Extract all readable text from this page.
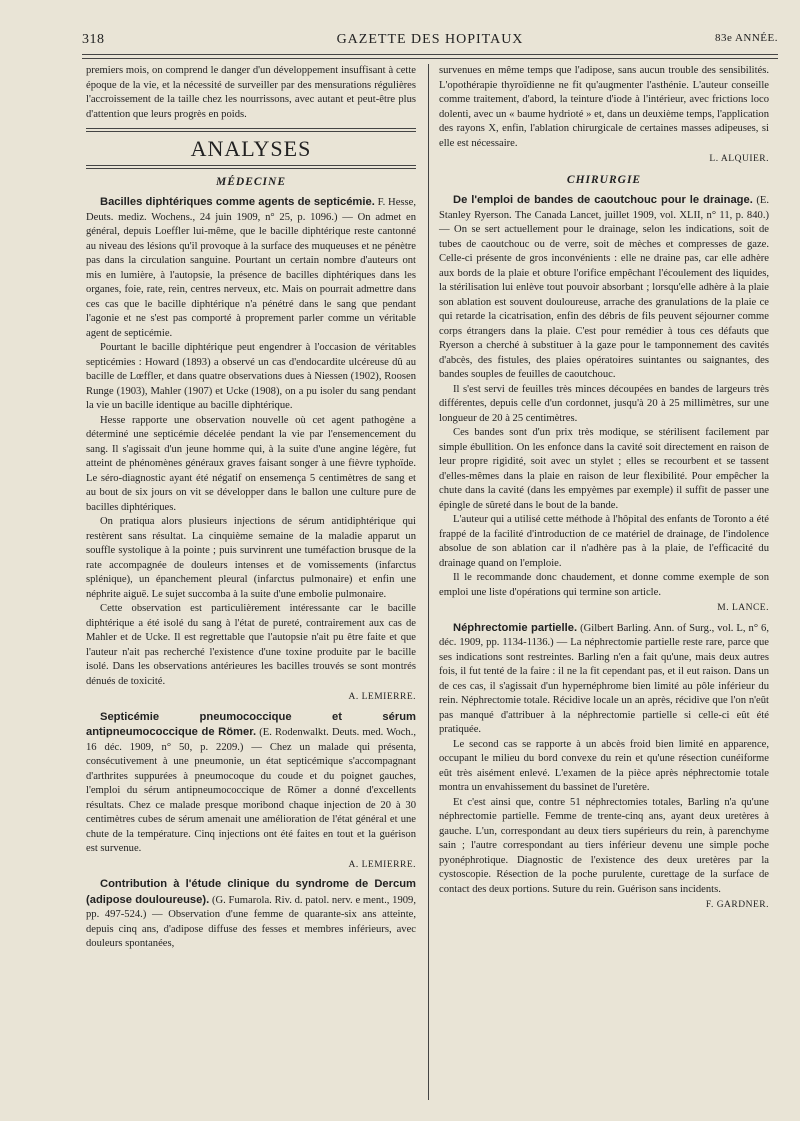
318	GAZETTE DES HOPITAUX	83e ANNÉE.

premiers mois, on comprend le danger d'un développement insuffisant à cette époque de la vie, et la nécessité de surveiller par des mensurations régulières l'accroissement de la taille chez les nourrissons, avec autant et peut-être plus d'attention que leurs progrès en poids.

ANALYSES
MÉDECINE

Bacilles diphtériques comme agents de septicémie. F. Hesse, Deuts. mediz. Wochens., 24 juin 1909, n° 25, p. 1096.) — On admet en général, depuis Loeffler lui-même, que le bacille diphtérique reste cantonné au niveau des lésions qu'il provoque à la surface des muqueuses et ne pénètre pas dans la circulation sanguine. Pourtant un certain nombre d'auteurs ont mis en lumière, à l'autopsie, la présence de bacilles diphtériques dans les organes, foie, rate, rein, centres nerveux, etc. Mais on pourrait admettre dans ces cas que le bacille diphtérique n'a pénétré dans le sang que pendant l'agonie et ne s'est pas comporté à proprement parler comme un véritable agent de septicémie.

Pourtant le bacille diphtérique peut engendrer à l'occasion de véritables septicémies : Howard (1893) a observé un cas d'endocardite ulcéreuse dû au bacille de Lœffler, et dans quatre observations dues à Niessen (1902), Roosen Runge (1903), Mahler (1907) et Ucke (1908), on a pu isoler du sang pendant la vie un bacille identique au bacille diphtérique.

Hesse rapporte une observation nouvelle où cet agent pathogène a déterminé une septicémie décelée pendant la vie par l'ensemencement du sang. Il s'agissait d'un jeune homme qui, à la suite d'une angine légère, fut atteint de phénomènes généraux graves faisant songer à une fièvre typhoïde. Le séro-diagnostic ayant été négatif on ensemença 5 centimètres de sang et au bout de six jours on vit se développer dans le ballon une culture pure de bacilles diphtériques.

On pratiqua alors plusieurs injections de sérum antidiphtérique qui restèrent sans résultat. La cinquième semaine de la maladie apparut un souffle systolique à la pointe ; puis survinrent une tuméfaction brusque de la rate accompagnée de douleurs intenses et de vomissements (infarctus splénique), un épanchement pleural (infarctus pulmonaire) et enfin une néphrite aiguë. Le sujet succomba à la suite d'une embolie pulmonaire.

Cette observation est particulièrement intéressante car le bacille diphtérique a été isolé du sang à l'état de pureté, contrairement aux cas de Mahler et de Ucke. Il est regrettable que l'autopsie n'ait pu être faite et que l'auteur n'ait pas recherché l'existence d'une toxine produite par le bacille isolé. Dans les observations antérieures les bacilles trouvés se sont montrés dénués de toxicité.

A. LEMIERRE.

Septicémie pneumococcique et sérum antipneumococcique de Römer. (E. Rodenwalkt. Deuts. med. Woch., 16 déc. 1909, n° 50, p. 2209.) — Chez un malade qui présenta, consécutivement à une pneumonie, un état septicémique s'accompagnant d'arthrites suppurées à pneumocoque du coude et du poignet gauches, l'emploi du sérum antipneumococcique de Römer a donné d'excellents résultats. Chez ce malade presque moribond chaque injection de 20 à 30 centimètres cubes de sérum amenait une amélioration de l'état général et une chute de la température. Cinq injections ont été faites en tout et la guérison est survenue.

A. LEMIERRE.

Contribution à l'étude clinique du syndrome de Dercum (adipose douloureuse). (G. Fumarola. Riv. d. patol. nerv. e ment., 1909, pp. 497-524.) — Observation d'une femme de quarante-six ans atteinte, depuis cinq ans, d'adipose diffuse des fesses et membres inférieurs, avec douleurs spontanées,

survenues en même temps que l'adipose, sans aucun trouble des sensibilités. L'opothérapie thyroïdienne ne fit qu'augmenter l'asthénie. L'auteur conseille comme traitement, d'abord, la teinture d'iode à l'intérieur, avec frictions loco dolenti, avec un « baume hydrioté » et, dans un deuxième temps, l'application des rayons X, enfin, l'ablation chirurgicale de certaines masses adipeuses, si elle est nécessaire.

L. ALQUIER.
CHIRURGIE

De l'emploi de bandes de caoutchouc pour le drainage. (E. Stanley Ryerson. The Canada Lancet, juillet 1909, vol. XLII, n° 11, p. 840.) — On se sert actuellement pour le drainage, selon les indications, soit de tubes de caoutchouc ou de verre, soit de mèches et compresses de gaze. Celle-ci présente de gros inconvénients : elle ne draine pas, car elle adhère aux bords de la plaie et obture l'orifice empêchant l'écoulement des liquides, la stérilisation lui enlève tout pouvoir absorbant ; lorsqu'elle adhère à la plaie son ablation est souvent douloureuse, arrache des granulations de la plaie ce qui retarde la cicatrisation, enfin des débris de fils peuvent séjourner comme corps étrangers dans la plaie. C'est pour remédier à tous ces défauts que Ryerson a cherché à substituer à la gaze pour le tamponnement des cavités d'abcès, des fistules, des plaies opératoires suintantes ou saignantes, des bandes souples de feuilles de caoutchouc.

Il s'est servi de feuilles très minces découpées en bandes de largeurs très différentes, depuis celle d'un cordonnet, jusqu'à 20 à 25 millimètres, sur une longueur de 20 à 25 centimètres.

Ces bandes sont d'un prix très modique, se stérilisent facilement par simple ébullition. On les enfonce dans la cavité soit directement en raison de leur propre rigidité, soit avec un stylet ; elles se recourbent et se tassent d'elles-mêmes dans la plaie en raison de leur flexibilité. Pour empêcher la chute dans la cavité (dans les empyèmes par exemple) il suffit de passer une épingle de sûreté dans le bout de la bande.

L'auteur qui a utilisé cette méthode à l'hôpital des enfants de Toronto a été frappé de la facilité d'introduction de ce matériel de drainage, de l'indolence absolue de son ablation car il n'adhère pas à la plaie, de l'efficacité du drainage quand on l'emploie.

Il le recommande donc chaudement, et donne comme exemple de son emploi une liste d'opérations qui termine son article.

M. LANCE.

Néphrectomie partielle. (Gilbert Barling. Ann. of Surg., vol. L, n° 6, déc. 1909, pp. 1134-1136.) — La néphrectomie partielle reste rare, parce que ses indications sont restreintes. Barling n'en a fait qu'une, mais deux autres fois, il fut tenté de la faire : il ne la fit cependant pas, et il eut raison. Dans un de ces cas, il s'agissait d'un hypernéphrome bien limité au pôle inférieur du rein. Néphrectomie totale. Récidive locale un an après, récidive que l'on n'eût pas manqué d'attribuer à la néphrectomie partielle si celle-ci eût été pratiquée.

Le second cas se rapporte à un abcès froid bien limité en apparence, occupant le milieu du bord convexe du rein et qu'une résection cunéiforme eût très aisément enlevé. L'examen de la pièce après néphrectomie totale montra un envahissement du bassinet de l'uretère.

Et c'est ainsi que, contre 51 néphrectomies totales, Barling n'a qu'une néphrectomie partielle. Femme de trente-cinq ans, ayant deux uretères à gauche. L'un, correspondant au deux tiers supérieurs du rein, à parenchyme sain ; l'autre correspondant au tiers inférieur devenu une simple poche pyonéphrotique. Diagnostic de l'existence des deux uretères par la cystoscopie. Résection de la poche purulente, curettage de la surface de contact des deux portions. Suture du rein. Guérison sans incidents.

F. GARDNER.
